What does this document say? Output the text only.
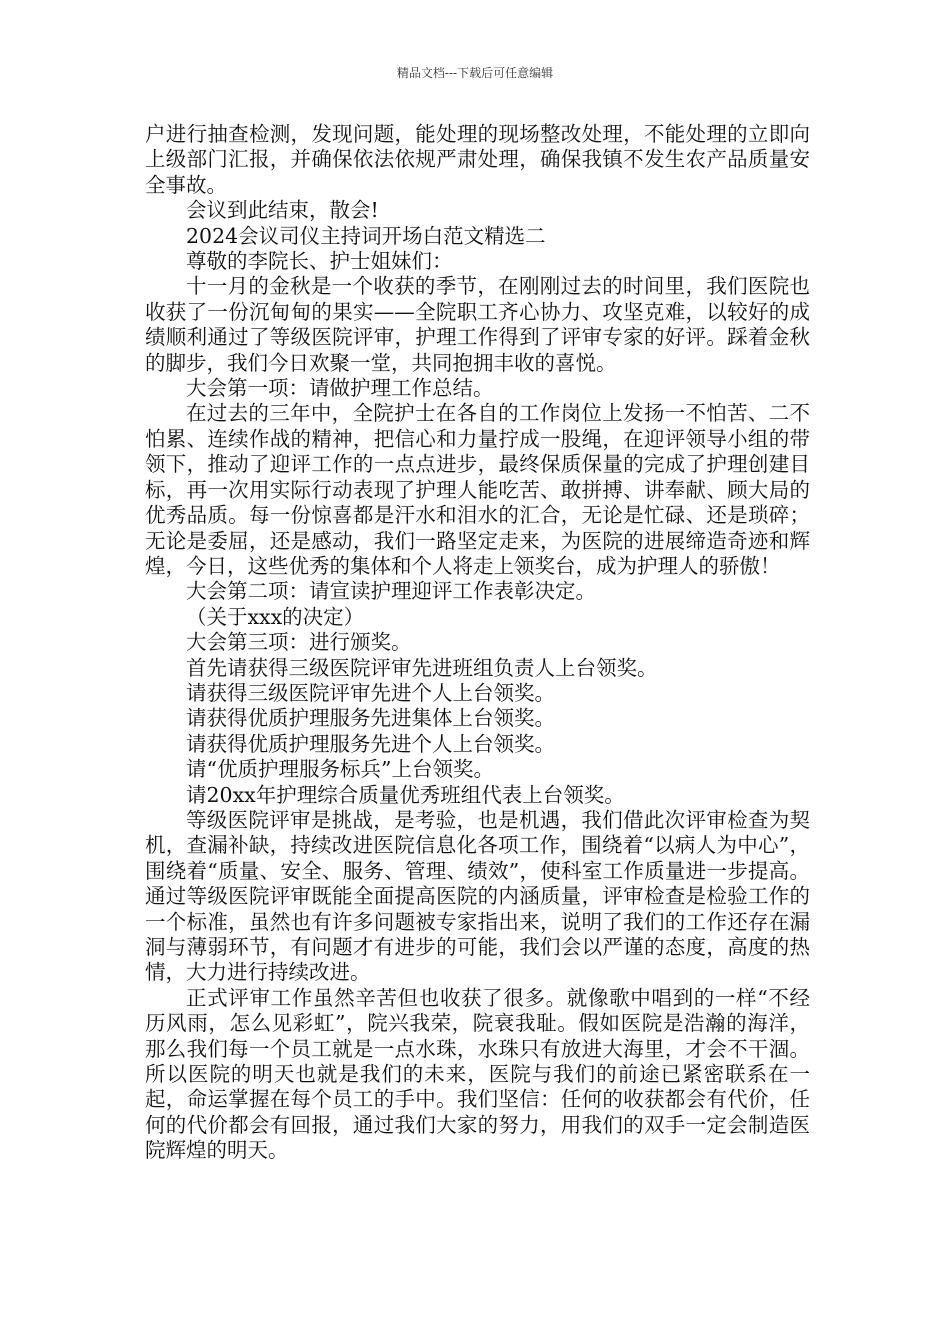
精品文档---下载后可任意编辑

户进行抽查检测，发现问题，能处理的现场整改处理，不能处理的立即向上级部门汇报，并确保依法依规严肃处理，确保我镇不发生农产品质量安全事故。

会议到此结束，散会!

2024会议司仪主持词开场白范文精选二

尊敬的李院长、护士姐妹们：

十一月的金秋是一个收获的季节，在刚刚过去的时间里，我们医院也收获了一份沉甸甸的果实——全院职工齐心协力、攻坚克难，以较好的成绩顺利通过了等级医院评审，护理工作得到了评审专家的好评。踩着金秋的脚步，我们今日欢聚一堂，共同抱拥丰收的喜悦。

大会第一项：请做护理工作总结。

在过去的三年中，全院护士在各自的工作岗位上发扬一不怕苦、二不怕累、连续作战的精神，把信心和力量拧成一股绳，在迎评领导小组的带领下，推动了迎评工作的一点点进步，最终保质保量的完成了护理创建目标，再一次用实际行动表现了护理人能吃苦、敢拼搏、讲奉献、顾大局的优秀品质。每一份惊喜都是汗水和泪水的汇合，无论是忙碌、还是琐碎；无论是委屈，还是感动，我们一路坚定走来，为医院的进展缔造奇迹和辉煌，今日，这些优秀的集体和个人将走上领奖台，成为护理人的骄傲！

大会第二项：请宣读护理迎评工作表彰决定。

（关于xxx的决定）

大会第三项：进行颁奖。

首先请获得三级医院评审先进班组负责人上台领奖。

请获得三级医院评审先进个人上台领奖。

请获得优质护理服务先进集体上台领奖。

请获得优质护理服务先进个人上台领奖。

请“优质护理服务标兵”上台领奖。

请20xx年护理综合质量优秀班组代表上台领奖。

等级医院评审是挑战，是考验，也是机遇，我们借此次评审检查为契机，查漏补缺，持续改进医院信息化各项工作，围绕着“以病人为中心”，围绕着“质量、安全、服务、管理、绩效”，使科室工作质量进一步提高。通过等级医院评审既能全面提高医院的内涵质量，评审检查是检验工作的一个标准，虽然也有许多问题被专家指出来，说明了我们的工作还存在漏洞与薄弱环节，有问题才有进步的可能，我们会以严谨的态度，高度的热情，大力进行持续改进。

正式评审工作虽然辛苦但也收获了很多。就像歌中唱到的一样“不经历风雨，怎么见彩虹”，院兴我荣，院衰我耻。假如医院是浩瀚的海洋，那么我们每一个员工就是一点水珠，水珠只有放进大海里，才会不干涸。所以医院的明天也就是我们的未来，医院与我们的前途已紧密联系在一起，命运掌握在每个员工的手中。我们坚信：任何的收获都会有代价，任何的代价都会有回报，通过我们大家的努力，用我们的双手一定会制造医院辉煌的明天。
